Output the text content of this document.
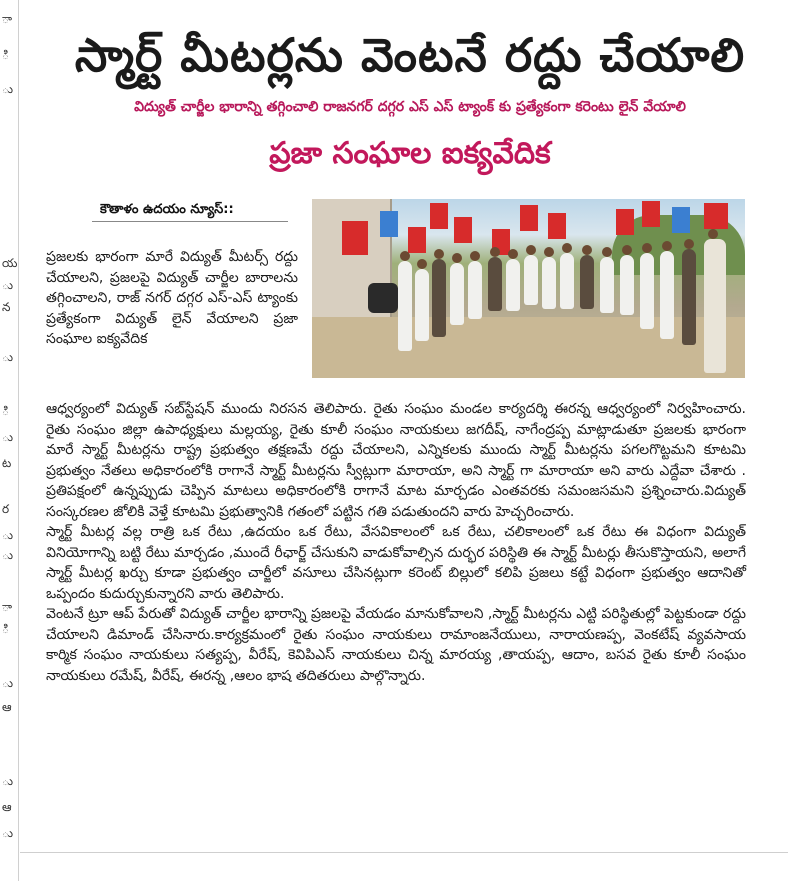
ా
ి
ు
య
ు
న
ు
ి
ు
ట
ర
ు
ు
ా
ి
ు
ఆ
ు
ఆ
ు
స్మార్ట్ మీటర్లను వెంటనే రద్దు చేయాలి
విద్యుత్ చార్జీల భారాన్ని తగ్గించాలి రాజనగర్ దగ్గర ఎస్ ఎస్ ట్యాంక్ కు ప్రత్యేకంగా కరెంటు లైన్ వేయాలి
ప్రజా సంఘాల ఐక్యవేదిక
కౌతాళం ఉదయం న్యూస్::

ప్రజలకు భారంగా మారే విద్యుత్ మీటర్స్ రద్దు చేయాలని, ప్రజలపై విద్యుత్ చార్జీల బారాలను తగ్గించాలని, రాజ్ నగర్ దగ్గర ఎస్-ఎస్ ట్యాంకు ప్రత్యేకంగా విద్యుత్ లైన్ వేయాలని ప్రజా సంఘాల ఐక్యవేదిక

ఆధ్వర్యంలో విద్యుత్ సబ్‌స్టేషన్ ముందు నిరసన తెలిపారు. రైతు సంఘం మండల కార్యదర్శి ఈరన్న ఆధ్వర్యంలో నిర్వహించారు. రైతు సంఘం జిల్లా ఉపాధ్యక్షులు మల్లయ్య, రైతు కూలీ సంఘం నాయకులు జగదీష్, నాగేంద్రప్ప మాట్లాడుతూ ప్రజలకు భారంగా మారే స్మార్ట్ మీటర్లను రాష్ట్ర ప్రభుత్వం తక్షణమే రద్దు చేయాలని, ఎన్నికలకు ముందు స్మార్ట్ మీటర్లను పగలగొట్టమని కూటమి ప్రభుత్వం నేతలు అధికారంలోకి రాగానే స్మార్ట్ మీటర్లను స్వీట్లుగా మారాయా, అని స్మార్ట్ గా మారాయా అని వారు ఎద్దేవా చేశారు . ప్రతిపక్షంలో ఉన్నప్పుడు చెప్పిన మాటలు అధికారంలోకి రాగానే మాట మార్చడం ఎంతవరకు సమంజసమని ప్రశ్నించారు.విద్యుత్ సంస్కరణల జోలికి వెళ్తే కూటమి ప్రభుత్వానికి గతంలో పట్టిన గతి పడుతుందని వారు హెచ్చరించారు.

స్మార్ట్ మీటర్ల వల్ల రాత్రి ఒక రేటు ,ఉదయం ఒక రేటు, వేసవికాలంలో ఒక రేటు, చలికాలంలో ఒక రేటు ఈ విధంగా విద్యుత్ వినియోగాన్ని బట్టి రేటు మార్చడం ,ముందే రీఛార్జ్ చేసుకుని వాడుకోవాల్సిన దుర్భర పరిస్థితి ఈ స్మార్ట్ మీటర్లు తీసుకొస్తాయని, అలాగే స్మార్ట్ మీటర్ల ఖర్చు కూడా ప్రభుత్వం చార్జీలో వసూలు చేసినట్లుగా కరెంట్ బిల్లులో కలిపి ప్రజలు కట్టే విధంగా ప్రభుత్వం ఆదానితో ఒప్పందం కుదుర్చుకున్నారని వారు తెలిపారు.

వెంటనే ట్రూ ఆప్ పేరుతో విద్యుత్ చార్జీల భారాన్ని ప్రజలపై వేయడం మానుకోవాలని ,స్మార్ట్ మీటర్లను ఎట్టి పరిస్థితుల్లో పెట్టకుండా రద్దు చేయాలని డిమాండ్ చేసినారు.కార్యక్రమంలో రైతు సంఘం నాయకులు రామాంజనేయులు, నారాయణప్ప, వెంకటేష్ వ్యవసాయ కార్మిక సంఘం నాయకులు సత్యప్ప, వీరేష్, కెవిపిఎస్ నాయకులు చిన్న మారయ్య ,తాయప్ప, ఆదాం, బసవ రైతు కూలీ సంఘం నాయకులు రమేష్, వీరేష్, ఈరన్న ,ఆలం భాష తదితరులు పాల్గొన్నారు.
